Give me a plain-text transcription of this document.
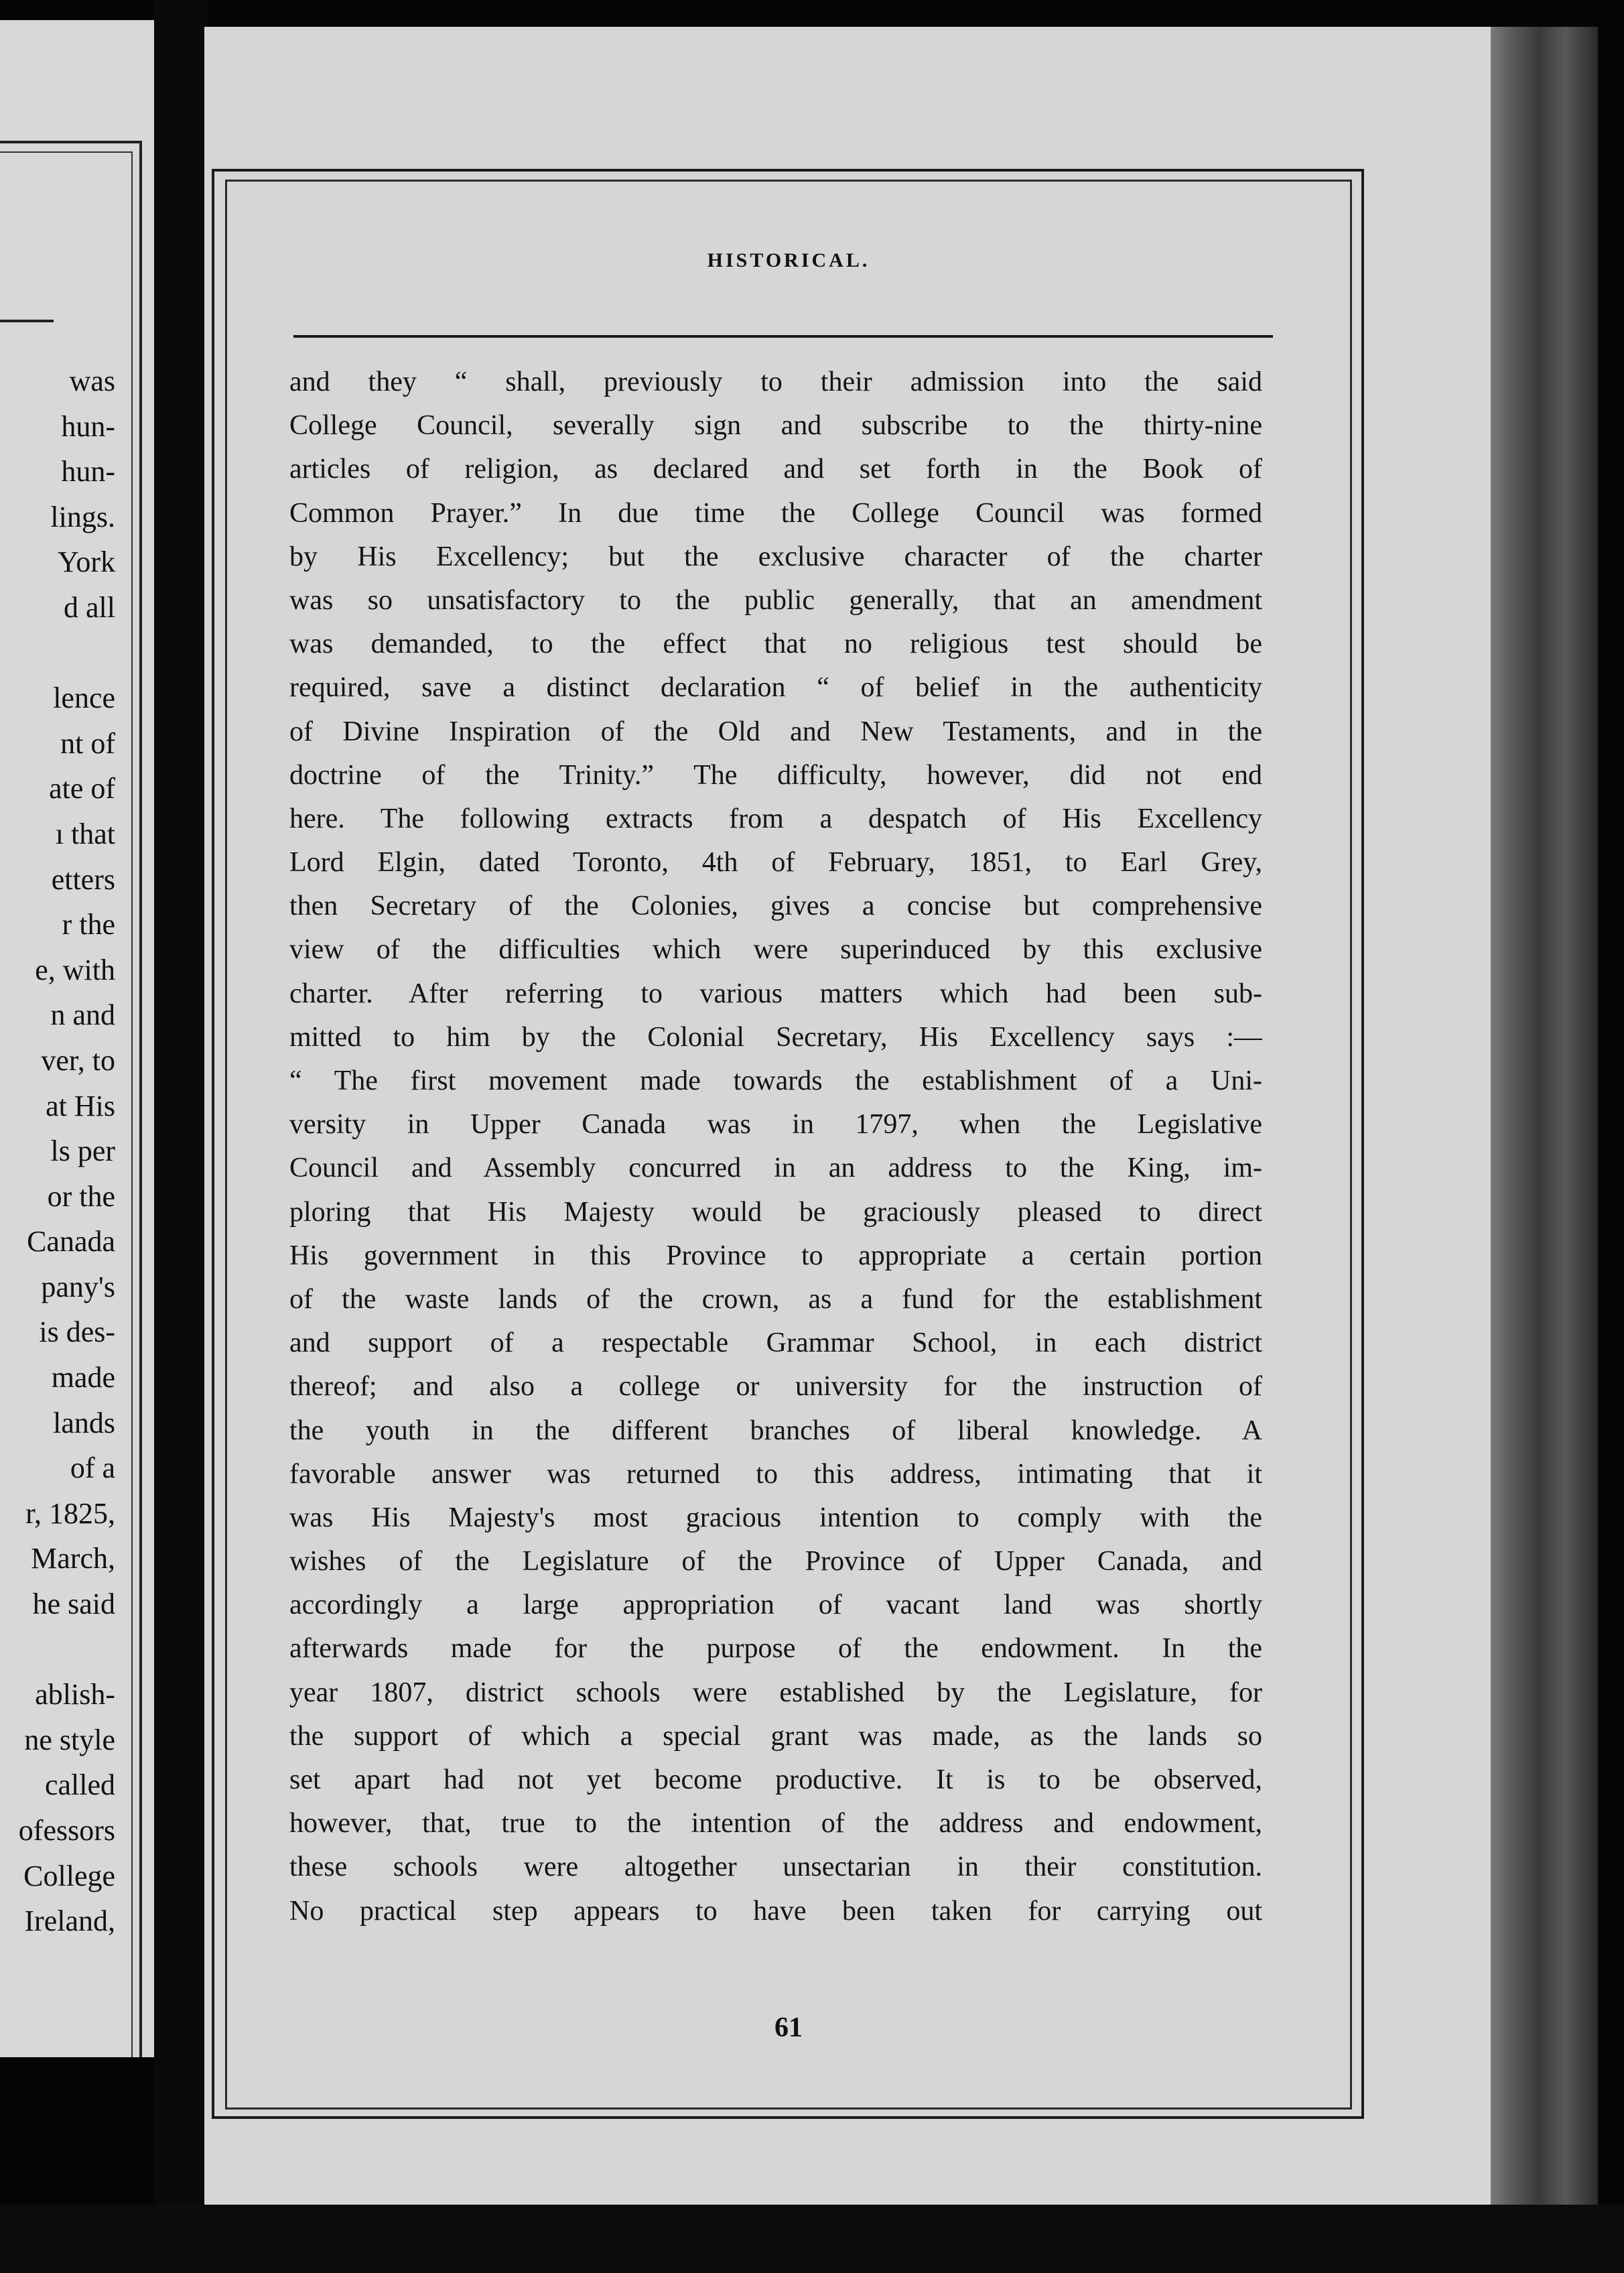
was
hun-
hun-
lings.
York
d all
lence
nt of
ate of
ı that
etters
r the
e, with
n and
ver, to
at His
ls per
or the
Canada
pany's
is des-
made
lands
of a
r, 1825,
March,
he said
ablish-
ne style
called
ofessors
College
Ireland,
HISTORICAL.
and they “ shall, previously to their admission into the said
College Council, severally sign and subscribe to the thirty-nine
articles of religion, as declared and set forth in the Book of
Common Prayer.” In due time the College Council was formed
by His Excellency; but the exclusive character of the charter
was so unsatisfactory to the public generally, that an amendment
was demanded, to the effect that no religious test should be
required, save a distinct declaration “ of belief in the authenticity
of Divine Inspiration of the Old and New Testaments, and in the
doctrine of the Trinity.” The difficulty, however, did not end
here. The following extracts from a despatch of His Excellency
Lord Elgin, dated Toronto, 4th of February, 1851, to Earl Grey,
then Secretary of the Colonies, gives a concise but comprehensive
view of the difficulties which were superinduced by this exclusive
charter. After referring to various matters which had been sub-
mitted to him by the Colonial Secretary, His Excellency says :—
“ The first movement made towards the establishment of a Uni-
versity in Upper Canada was in 1797, when the Legislative
Council and Assembly concurred in an address to the King, im-
ploring that His Majesty would be graciously pleased to direct
His government in this Province to appropriate a certain portion
of the waste lands of the crown, as a fund for the establishment
and support of a respectable Grammar School, in each district
thereof; and also a college or university for the instruction of
the youth in the different branches of liberal knowledge. A
favorable answer was returned to this address, intimating that it
was His Majesty's most gracious intention to comply with the
wishes of the Legislature of the Province of Upper Canada, and
accordingly a large appropriation of vacant land was shortly
afterwards made for the purpose of the endowment. In the
year 1807, district schools were established by the Legislature, for
the support of which a special grant was made, as the lands so
set apart had not yet become productive. It is to be observed,
however, that, true to the intention of the address and endowment,
these schools were altogether unsectarian in their constitution.
No practical step appears to have been taken for carrying out
61
